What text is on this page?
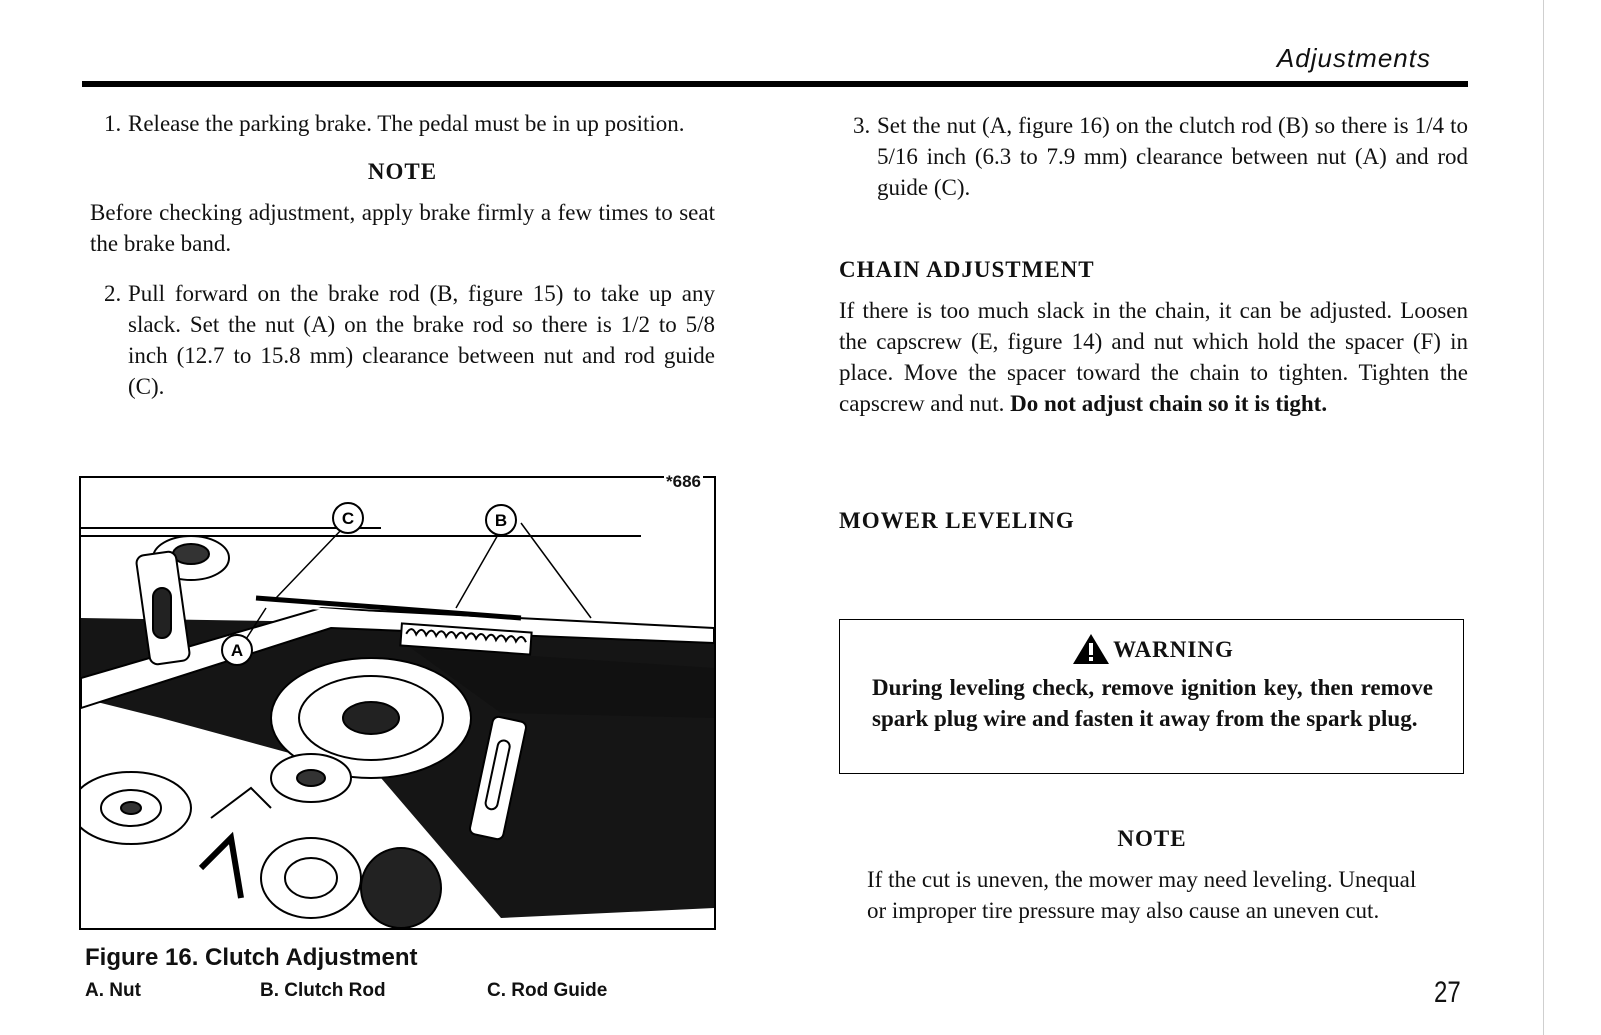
Adjustments
1. Release the parking brake. The pedal must be in up position.
NOTE

Before checking adjustment, apply brake firmly a few times to seat the brake band.

2. Pull forward on the brake rod (B, figure 15) to take up any slack. Set the nut (A) on the brake rod so there is 1/2 to 5/8 inch (12.7 to 15.8 mm) clearance between nut and rod guide (C).
C	B
A
*686
Figure 16. Clutch Adjustment
A. Nut	B. Clutch Rod	C. Rod Guide
3. Set the nut (A, figure 16) on the clutch rod (B) so there is 1/4 to 5/16 inch (6.3 to 7.9 mm) clearance between nut (A) and rod guide (C).
CHAIN ADJUSTMENT

If there is too much slack in the chain, it can be adjusted. Loosen the capscrew (E, figure 14) and nut which hold the spacer (F) in place. Move the spacer toward the chain to tighten. Tighten the capscrew and nut. Do not adjust chain so it is tight.

MOWER LEVELING
WARNING
During leveling check, remove ignition key, then remove spark plug wire and fasten it away from the spark plug.
NOTE

If the cut is uneven, the mower may need leveling. Unequal or improper tire pressure may also cause an uneven cut.

27
